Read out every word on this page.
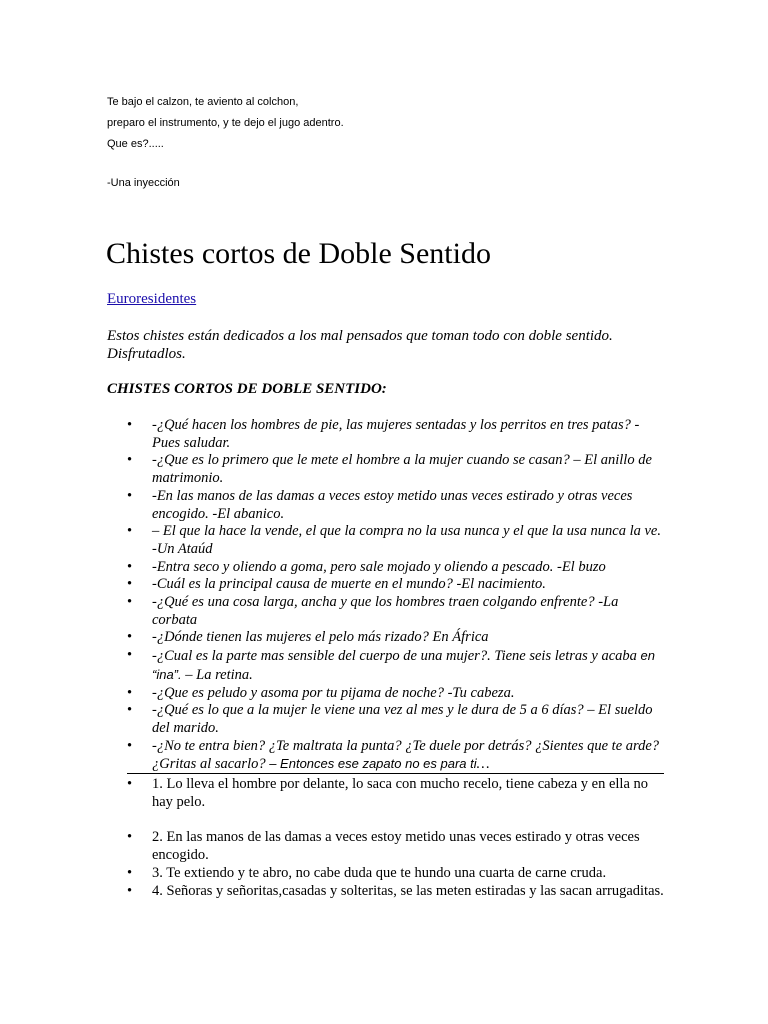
Te bajo el calzon, te aviento al colchon,
preparo el instrumento, y te dejo el jugo adentro.
Que es?.....
-Una inyección
Chistes cortos de Doble Sentido
Euroresidentes
Estos chistes están dedicados a los mal pensados que toman todo con doble sentido. Disfrutadlos.
CHISTES CORTOS DE DOBLE SENTIDO:
• -¿Qué hacen los hombres de pie, las mujeres sentadas y los perritos en tres patas? -Pues saludar.
• -¿Que es lo primero que le mete el hombre a la mujer cuando se casan? – El anillo de matrimonio.
• -En las manos de las damas a veces estoy metido unas veces estirado y otras veces encogido. -El abanico.
• – El que la hace la vende, el que la compra no la usa nunca y el que la usa nunca la ve. -Un Ataúd
• -Entra seco y oliendo a goma, pero sale mojado y oliendo a pescado. -El buzo
• -Cuál es la principal causa de muerte en el mundo? -El nacimiento.
• -¿Qué es una cosa larga, ancha y que los hombres traen colgando enfrente? -La corbata
• -¿Dónde tienen las mujeres el pelo más rizado? En África
• -¿Cual es la parte mas sensible del cuerpo de una mujer?. Tiene seis letras y acaba en “ina”. – La retina.
• -¿Que es peludo y asoma por tu pijama de noche? -Tu cabeza.
• -¿Qué es lo que a la mujer le viene una vez al mes y le dura de 5 a 6 días? – El sueldo del marido.
• -¿No te entra bien? ¿Te maltrata la punta? ¿Te duele por detrás? ¿Sientes que te arde? ¿Gritas al sacarlo? – Entonces ese zapato no es para ti…
• 1. Lo lleva el hombre por delante, lo saca con mucho recelo, tiene cabeza y en ella no hay pelo.
• 2. En las manos de las damas a veces estoy metido unas veces estirado y otras veces encogido.
• 3. Te extiendo y te abro, no cabe duda que te hundo una cuarta de carne cruda.
• 4. Señoras y señoritas,casadas y solteritas, se las meten estiradas y las sacan arrugaditas.
